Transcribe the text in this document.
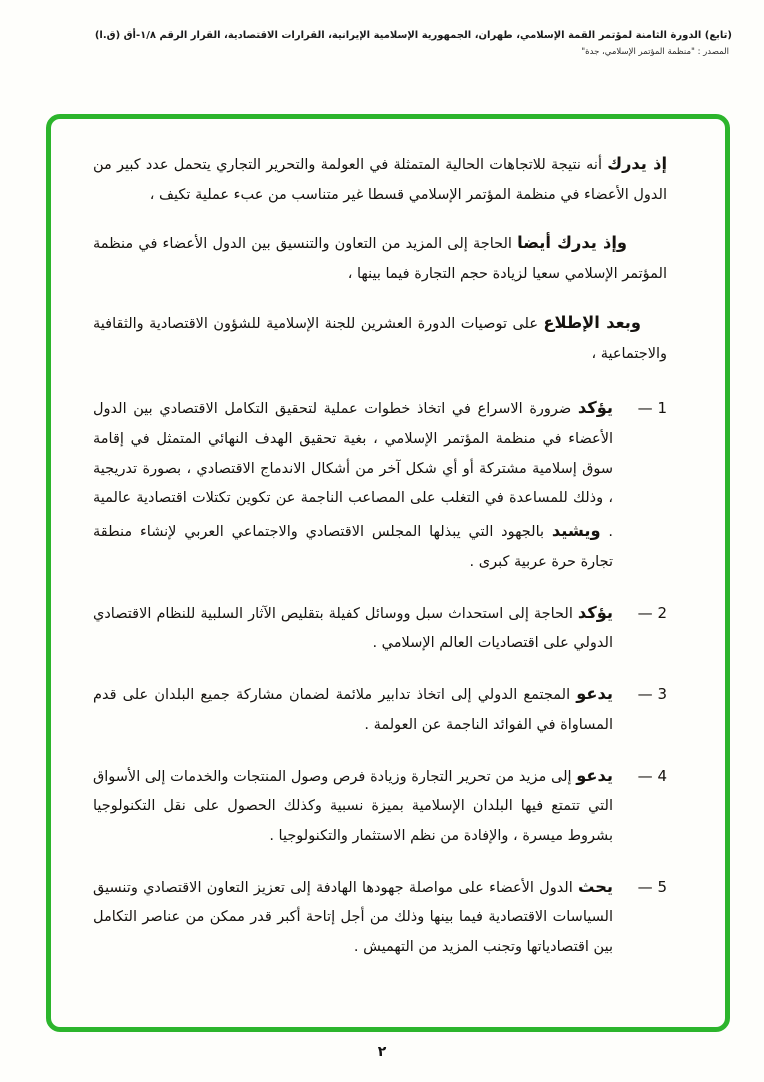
(تابع) الدورة الثامنة لمؤتمر القمة الإسلامي، طهران، الجمهورية الإسلامية الإيرانية، القرارات الاقتصادية، القرار الرقم ١/٨-أق (ق.ا)
المصدر : "منظمة المؤتمر الإسلامي، جدة"

إذ يدرك أنه نتيجة للاتجاهات الحالية المتمثلة في العولمة والتحرير التجاري يتحمل عدد كبير من الدول الأعضاء في منظمة المؤتمر الإسلامي قسطا غير متناسب من عبء عملية تكيف ،

وإذ يدرك أيضا الحاجة إلى المزيد من التعاون والتنسيق بين الدول الأعضاء في منظمة المؤتمر الإسلامي سعيا لزيادة حجم التجارة فيما بينها ،

وبعد الإطلاع على توصيات الدورة العشرين للجنة الإسلامية للشؤون الاقتصادية والثقافية والاجتماعية ،

1 —
يؤكد ضرورة الاسراع في اتخاذ خطوات عملية لتحقيق التكامل الاقتصادي بين الدول الأعضاء في منظمة المؤتمر الإسلامي ، بغية تحقيق الهدف النهائي المتمثل في إقامة سوق إسلامية مشتركة أو أي شكل آخر من أشكال الاندماج الاقتصادي ، بصورة تدريجية ، وذلك للمساعدة في التغلب على المصاعب الناجمة عن تكوين تكتلات اقتصادية عالمية . ويشيد بالجهود التي يبذلها المجلس الاقتصادي والاجتماعي العربي لإنشاء منطقة تجارة حرة عربية كبرى .
2 —
يؤكد الحاجة إلى استحداث سبل ووسائل كفيلة بتقليص الآثار السلبية للنظام الاقتصادي الدولي على اقتصاديات العالم الإسلامي .
3 —
يدعو المجتمع الدولي إلى اتخاذ تدابير ملائمة لضمان مشاركة جميع البلدان على قدم المساواة في الفوائد الناجمة عن العولمة .
4 —
يدعو إلى مزيد من تحرير التجارة وزيادة فرص وصول المنتجات والخدمات إلى الأسواق التي تتمتع فيها البلدان الإسلامية بميزة نسبية وكذلك الحصول على نقل التكنولوجيا بشروط ميسرة ، والإفادة من نظم الاستثمار والتكنولوجيا .
5 —
يحث الدول الأعضاء على مواصلة جهودها الهادفة إلى تعزيز التعاون الاقتصادي وتنسيق السياسات الاقتصادية فيما بينها وذلك من أجل إتاحة أكبر قدر ممكن من عناصر التكامل بين اقتصادياتها وتجنب المزيد من التهميش .
٢
